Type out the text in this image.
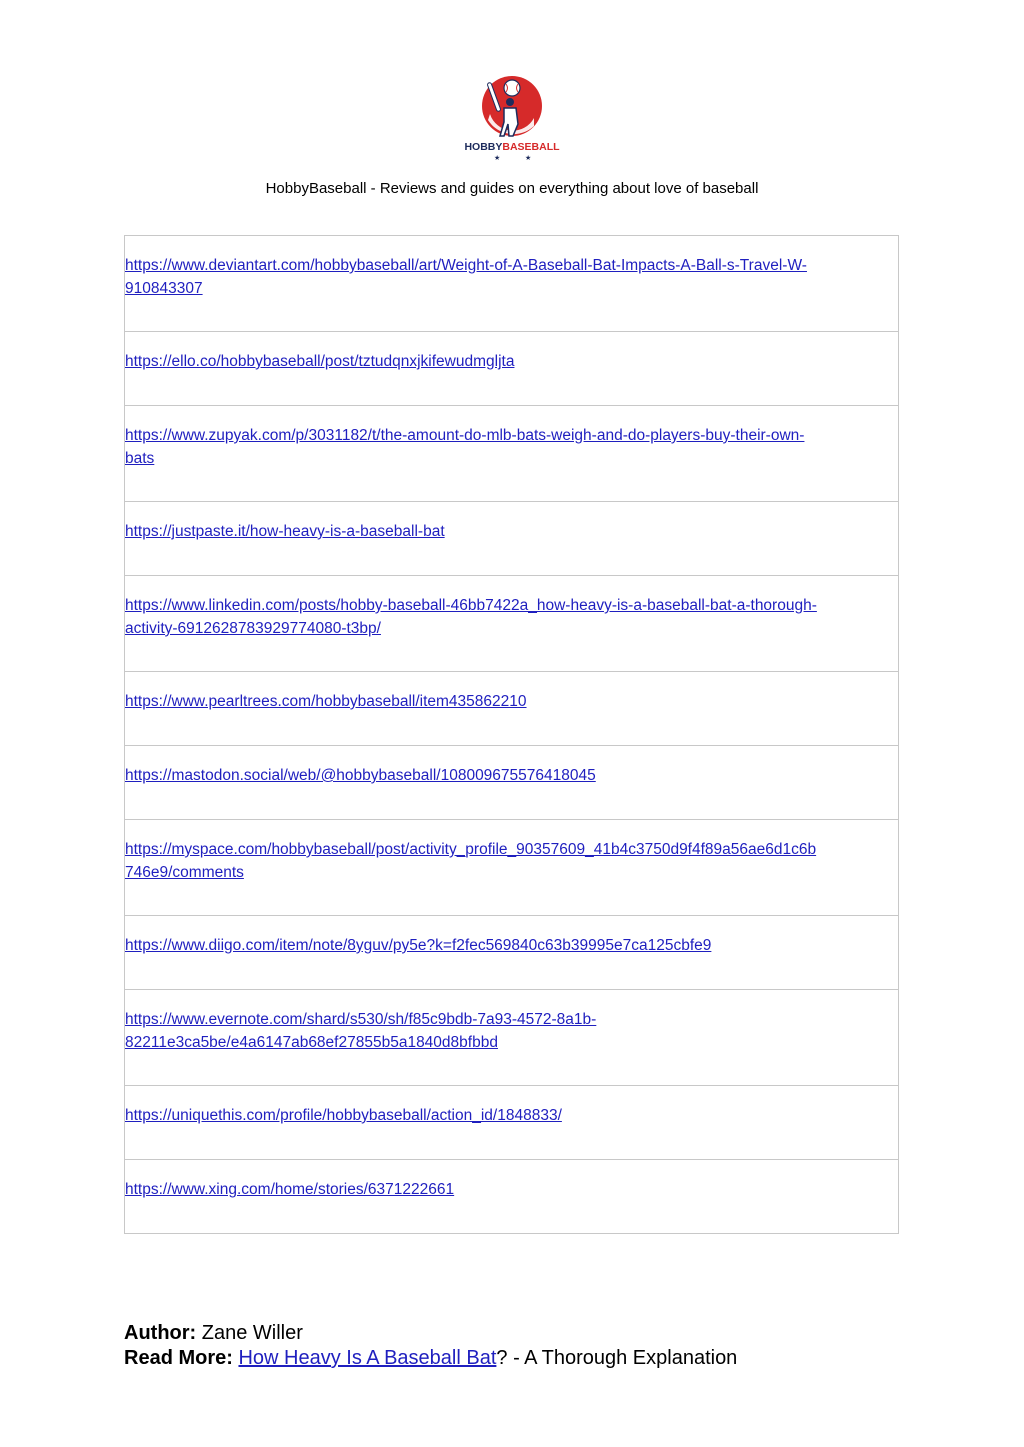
HOBBYBASEBALL
★	★
HobbyBaseball - Reviews and guides on everything about love of baseball
https://www.deviantart.com/hobbybaseball/art/Weight-of-A-Baseball-Bat-Impacts-A-Ball-s-Travel-W-
910843307
https://ello.co/hobbybaseball/post/tztudqnxjkifewudmgljta
https://www.zupyak.com/p/3031182/t/the-amount-do-mlb-bats-weigh-and-do-players-buy-their-own-
bats
https://justpaste.it/how-heavy-is-a-baseball-bat
https://www.linkedin.com/posts/hobby-baseball-46bb7422a_how-heavy-is-a-baseball-bat-a-thorough-
activity-6912628783929774080-t3bp/
https://www.pearltrees.com/hobbybaseball/item435862210
https://mastodon.social/web/@hobbybaseball/108009675576418045
https://myspace.com/hobbybaseball/post/activity_profile_90357609_41b4c3750d9f4f89a56ae6d1c6b
746e9/comments
https://www.diigo.com/item/note/8yguv/py5e?k=f2fec569840c63b39995e7ca125cbfe9
https://www.evernote.com/shard/s530/sh/f85c9bdb-7a93-4572-8a1b-
82211e3ca5be/e4a6147ab68ef27855b5a1840d8bfbbd
https://uniquethis.com/profile/hobbybaseball/action_id/1848833/
https://www.xing.com/home/stories/6371222661
Author: Zane Willer
Read More: How Heavy Is A Baseball Bat? - A Thorough Explanation
